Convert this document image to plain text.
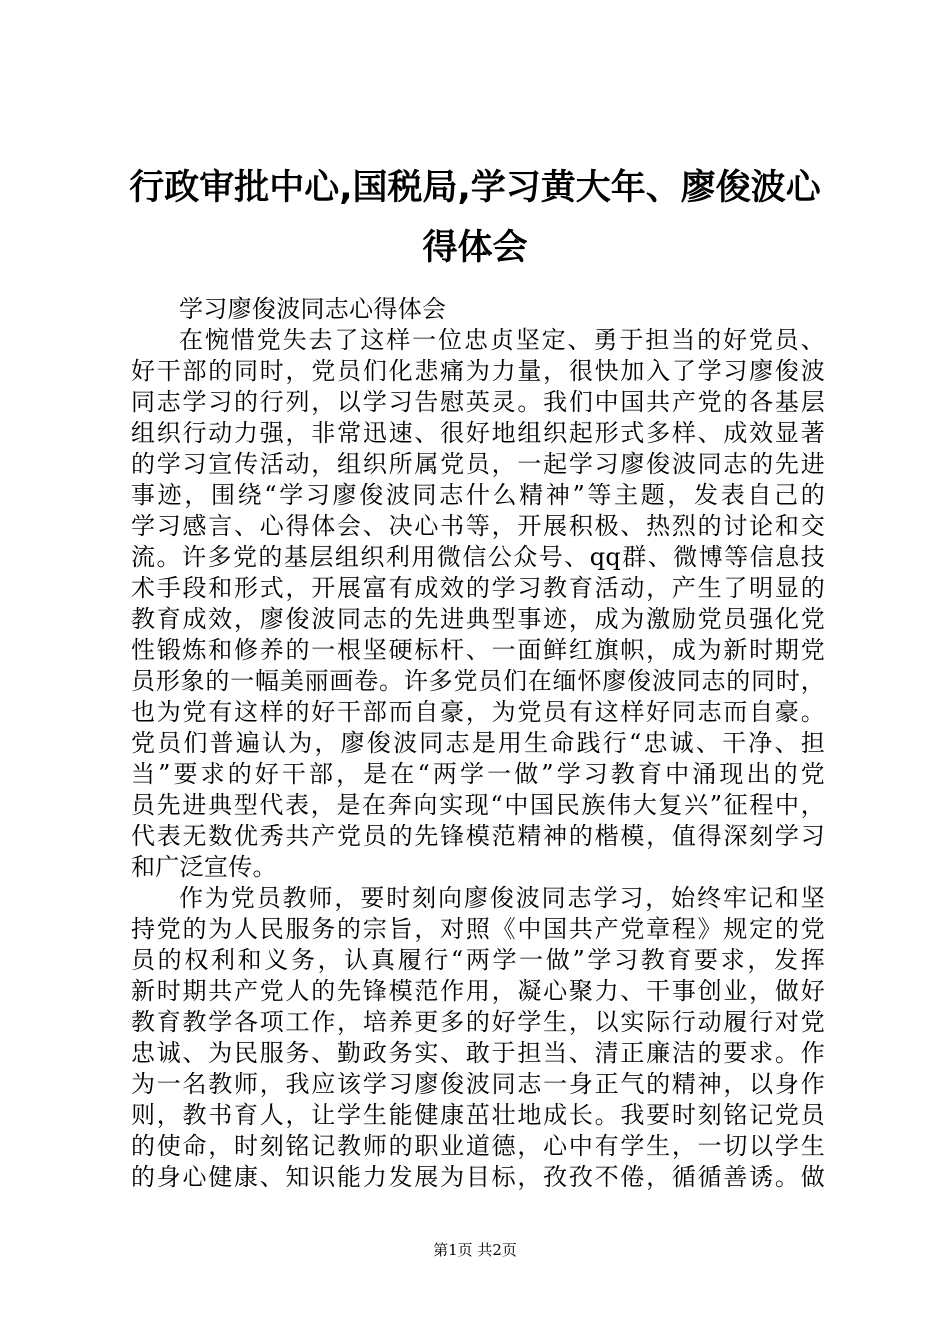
行政审批中心,国税局,学习黄大年、廖俊波心
得体会
学习廖俊波同志心得体会
在惋惜党失去了这样一位忠贞坚定、勇于担当的好党员、
好干部的同时，党员们化悲痛为力量，很快加入了学习廖俊波
同志学习的行列，以学习告慰英灵。我们中国共产党的各基层
组织行动力强，非常迅速、很好地组织起形式多样、成效显著
的学习宣传活动，组织所属党员，一起学习廖俊波同志的先进
事迹，围绕“学习廖俊波同志什么精神”等主题，发表自己的
学习感言、心得体会、决心书等，开展积极、热烈的讨论和交
流。许多党的基层组织利用微信公众号、qq群、微博等信息技
术手段和形式，开展富有成效的学习教育活动，产生了明显的
教育成效，廖俊波同志的先进典型事迹，成为激励党员强化党
性锻炼和修养的一根坚硬标杆、一面鲜红旗帜，成为新时期党
员形象的一幅美丽画卷。许多党员们在缅怀廖俊波同志的同时，
也为党有这样的好干部而自豪，为党员有这样好同志而自豪。
党员们普遍认为，廖俊波同志是用生命践行“忠诚、干净、担
当”要求的好干部，是在“两学一做”学习教育中涌现出的党
员先进典型代表，是在奔向实现“中国民族伟大复兴”征程中，
代表无数优秀共产党员的先锋模范精神的楷模，值得深刻学习
和广泛宣传。
作为党员教师，要时刻向廖俊波同志学习，始终牢记和坚
持党的为人民服务的宗旨，对照《中国共产党章程》规定的党
员的权利和义务，认真履行“两学一做”学习教育要求，发挥
新时期共产党人的先锋模范作用，凝心聚力、干事创业，做好
教育教学各项工作，培养更多的好学生，以实际行动履行对党
忠诚、为民服务、勤政务实、敢于担当、清正廉洁的要求。作
为一名教师，我应该学习廖俊波同志一身正气的精神，以身作
则，教书育人，让学生能健康茁壮地成长。我要时刻铭记党员
的使命，时刻铭记教师的职业道德，心中有学生，一切以学生
的身心健康、知识能力发展为目标，孜孜不倦，循循善诱。做
第1页 共2页
